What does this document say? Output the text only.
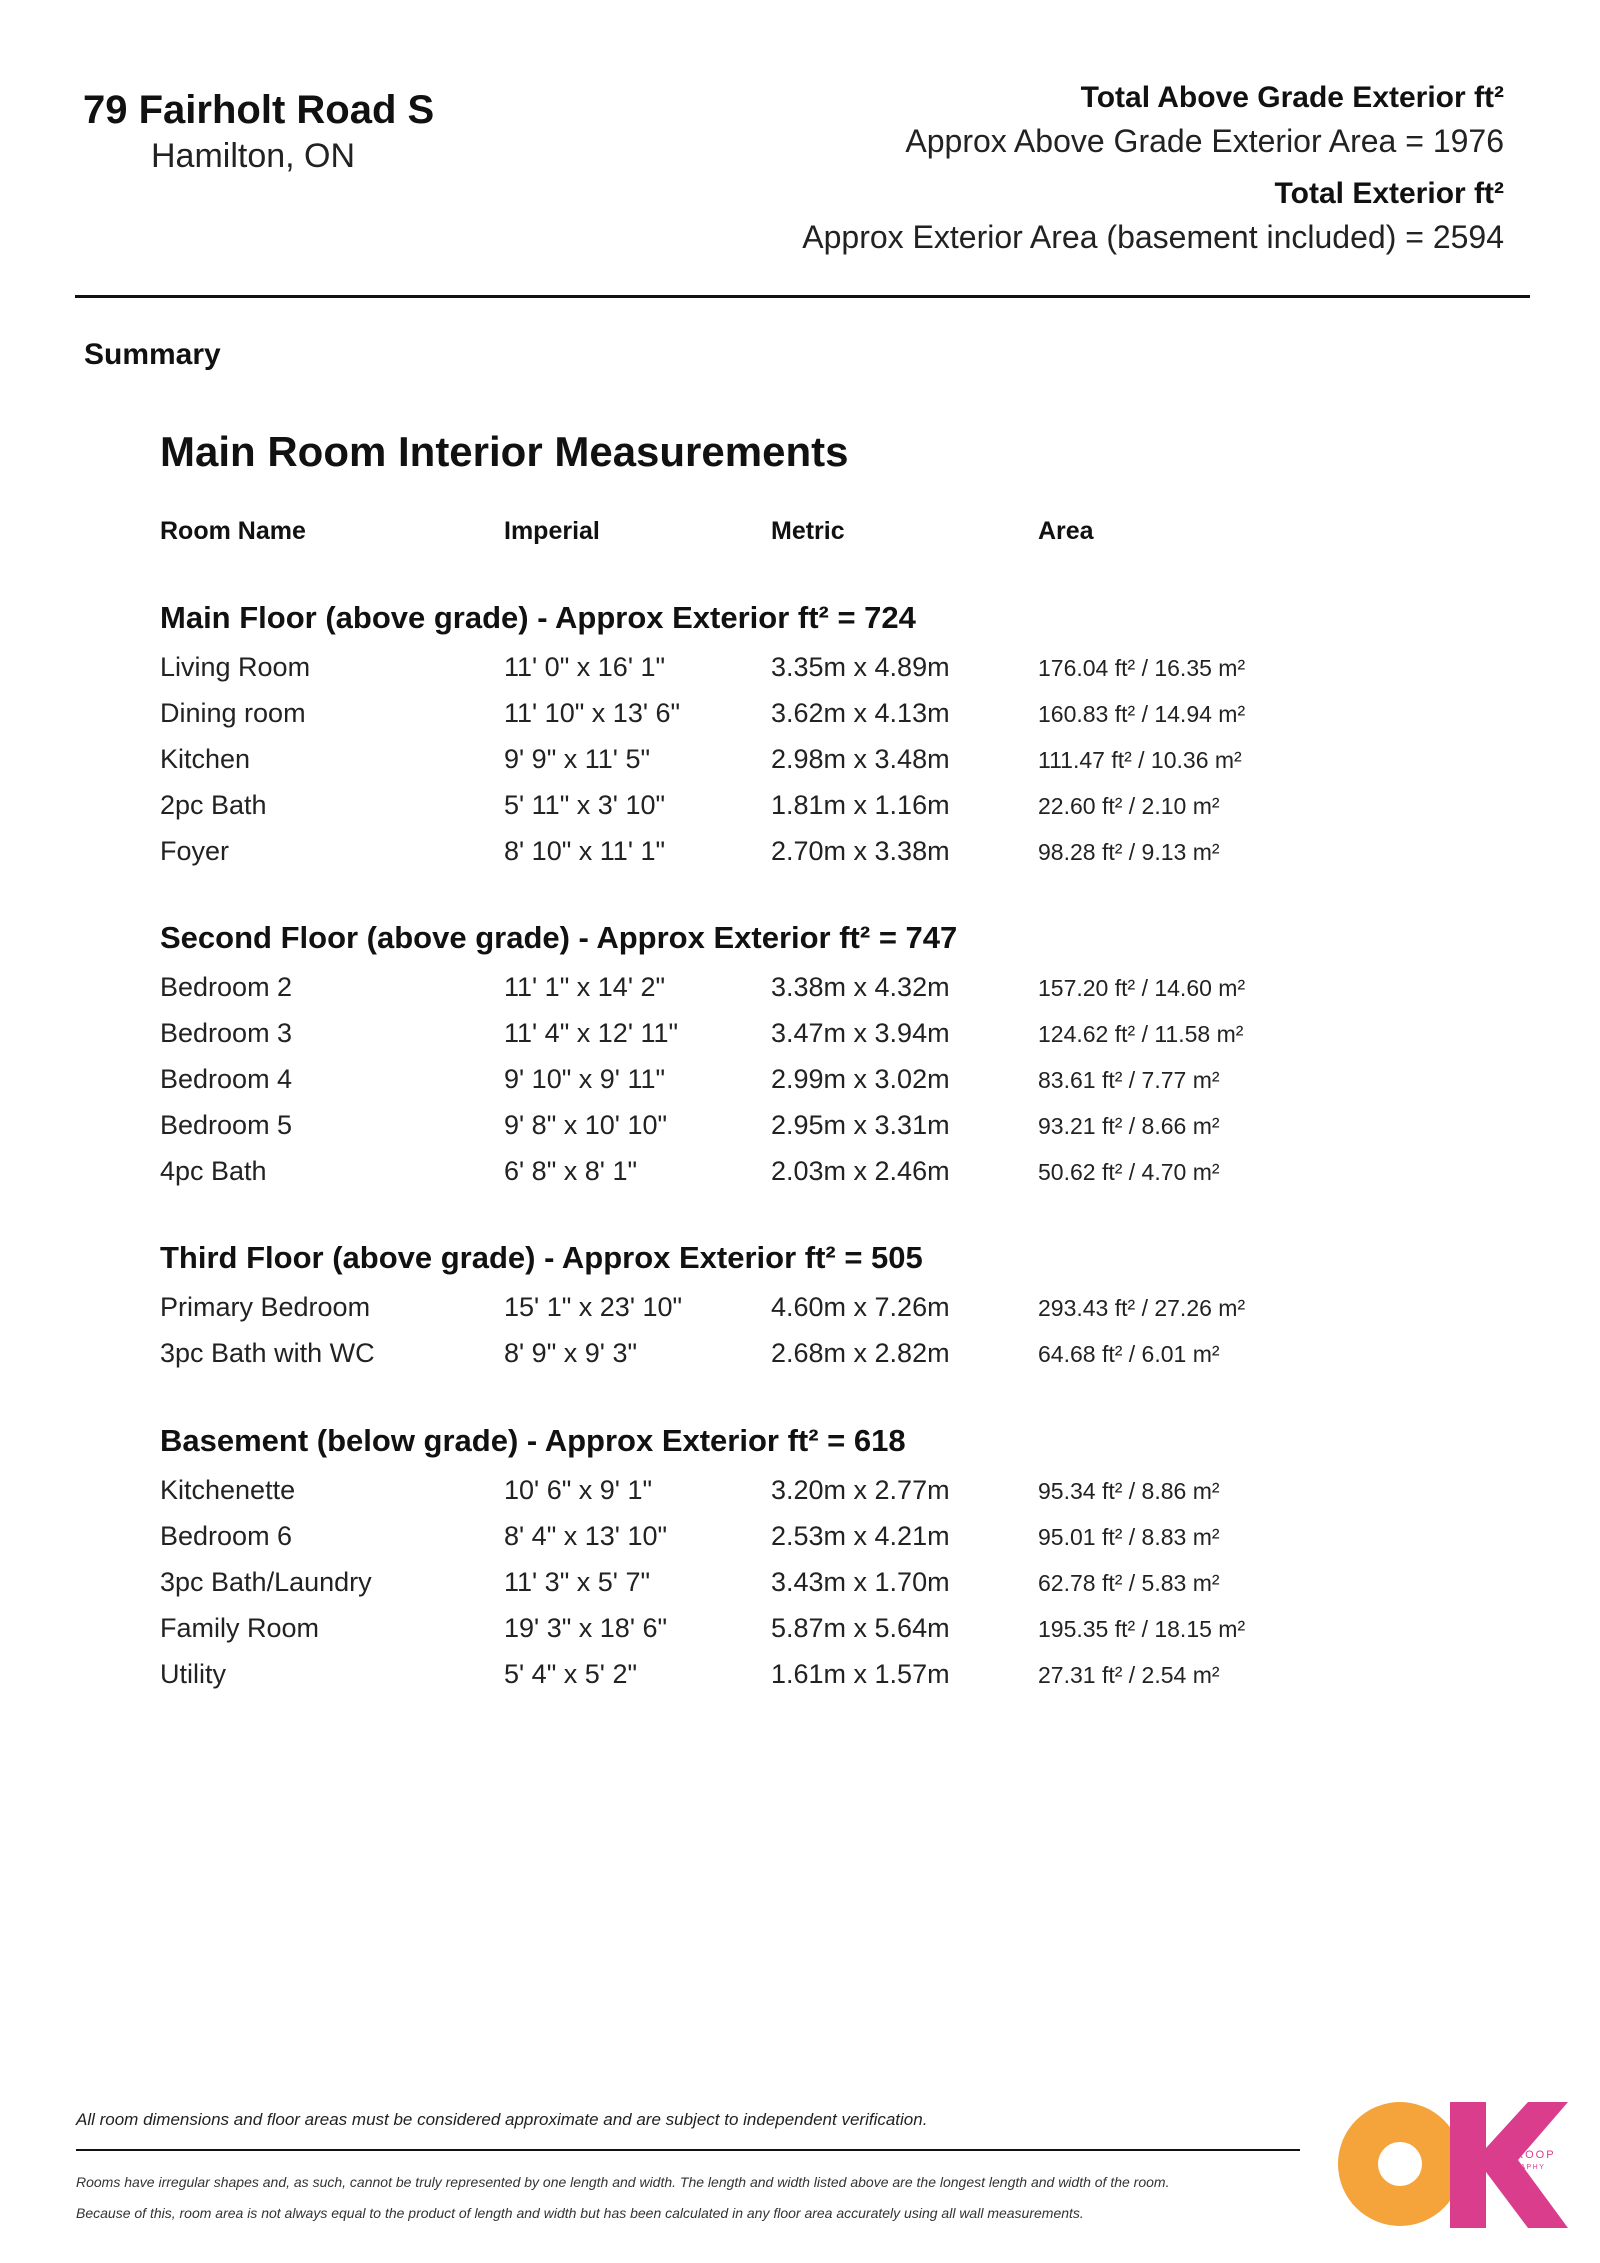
79 Fairholt Road S
Hamilton, ON
Total Above Grade Exterior ft²
Approx Above Grade Exterior Area = 1976
Total Exterior ft²
Approx Exterior Area (basement included) = 2594
Summary
Main Room Interior Measurements
Room Name	Imperial	Metric	Area
Main Floor (above grade) - Approx Exterior ft² = 724
Living Room	11' 0" x 16' 1"	3.35m x 4.89m	176.04 ft² / 16.35 m²
Dining room	11' 10" x 13' 6"	3.62m x 4.13m	160.83 ft² / 14.94 m²
Kitchen	9' 9" x 11' 5"	2.98m x 3.48m	111.47 ft² / 10.36 m²
2pc Bath	5' 11" x 3' 10"	1.81m x 1.16m	22.60 ft² / 2.10 m²
Foyer	8' 10" x 11' 1"	2.70m x 3.38m	98.28 ft² / 9.13 m²
Second Floor (above grade) - Approx Exterior ft² = 747
Bedroom 2	11' 1" x 14' 2"	3.38m x 4.32m	157.20 ft² / 14.60 m²
Bedroom 3	11' 4" x 12' 11"	3.47m x 3.94m	124.62 ft² / 11.58 m²
Bedroom 4	9' 10" x 9' 11"	2.99m x 3.02m	83.61 ft² / 7.77 m²
Bedroom 5	9' 8" x 10' 10"	2.95m x 3.31m	93.21 ft² / 8.66 m²
4pc Bath	6' 8" x 8' 1"	2.03m x 2.46m	50.62 ft² / 4.70 m²
Third Floor (above grade) - Approx Exterior ft² = 505
Primary Bedroom	15' 1" x 23' 10"	4.60m x 7.26m	293.43 ft² / 27.26 m²
3pc Bath with WC	8' 9" x 9' 3"	2.68m x 2.82m	64.68 ft² / 6.01 m²
Basement (below grade) - Approx Exterior ft² = 618
Kitchenette	10' 6" x 9' 1"	3.20m x 2.77m	95.34 ft² / 8.86 m²
Bedroom 6	8' 4" x 13' 10"	2.53m x 4.21m	95.01 ft² / 8.83 m²
3pc Bath/Laundry	11' 3" x 5' 7"	3.43m x 1.70m	62.78 ft² / 5.83 m²
Family Room	19' 3" x 18' 6"	5.87m x 5.64m	195.35 ft² / 18.15 m²
Utility	5' 4" x 5' 2"	1.61m x 1.57m	27.31 ft² / 2.54 m²
All room dimensions and floor areas must be considered approximate and are subject to independent verification.
Rooms have irregular shapes and, as such, cannot be truly represented by one length and width. The length and width listed above are the longest length and width of the room.
Because of this, room area is not always equal to the product of length and width but has been calculated in any floor area accurately using all wall measurements.
CATHY KOOP
PHOTOGRAPHY
OK
